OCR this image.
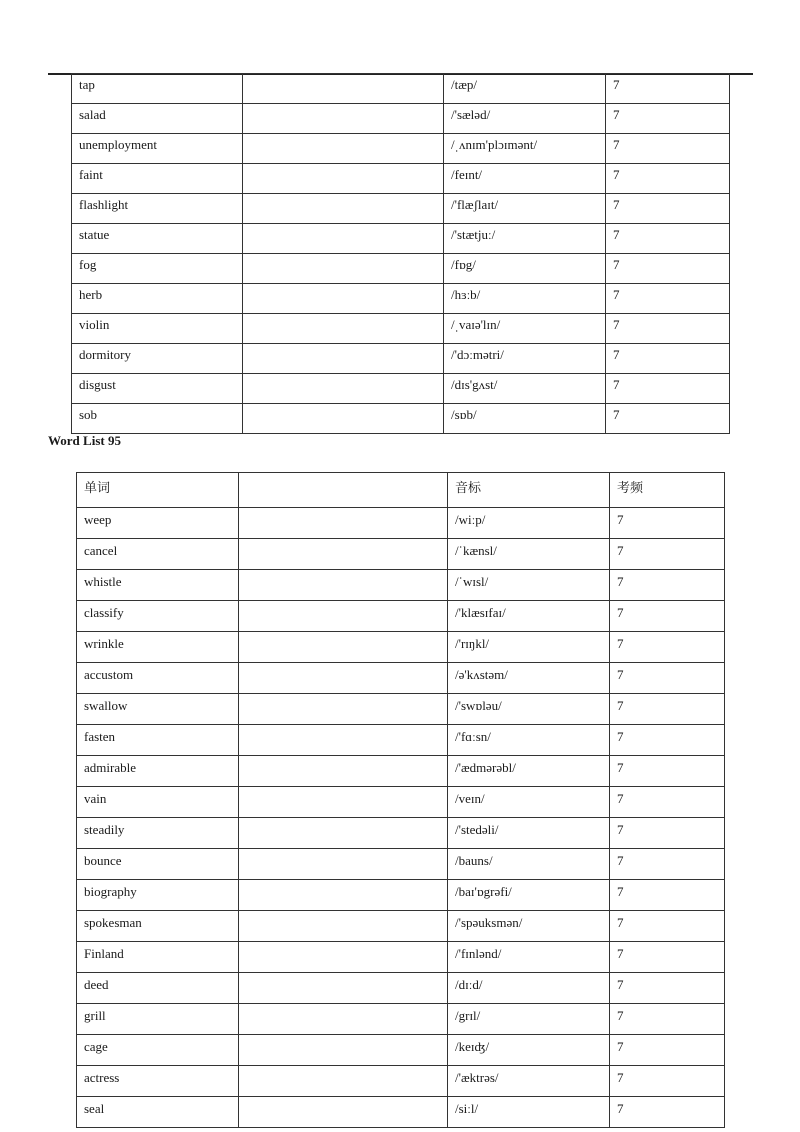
tap		/tæp/	7
salad		/'sæləd/	7
unemployment		/ˌʌnɪm'plɔɪmənt/	7
faint		/feɪnt/	7
flashlight		/'flæʃlaɪt/	7
statue		/'stætjuː/	7
fog		/fɒg/	7
herb		/hɜːb/	7
violin		/ˌvaɪə'lɪn/	7
dormitory		/'dɔːmətri/	7
disgust		/dɪs'gʌst/	7
sob		/sɒb/	7
Word List 95
单词		音标	考频
weep		/wiːp/	7
cancel		/ˈkænsl/	7
whistle		/ˈwɪsl/	7
classify		/'klæsɪfaɪ/	7
wrinkle		/'rɪŋkl/	7
accustom		/ə'kʌstəm/	7
swallow		/'swɒləu/	7
fasten		/'fɑːsn/	7
admirable		/'ædmərəbl/	7
vain		/veɪn/	7
steadily		/'stedəli/	7
bounce		/bauns/	7
biography		/baɪ'ɒgrəfi/	7
spokesman		/'spəuksmən/	7
Finland		/'fɪnlənd/	7
deed		/dɪːd/	7
grill		/grɪl/	7
cage		/keɪʤ/	7
actress		/'æktrəs/	7
seal		/siːl/	7
